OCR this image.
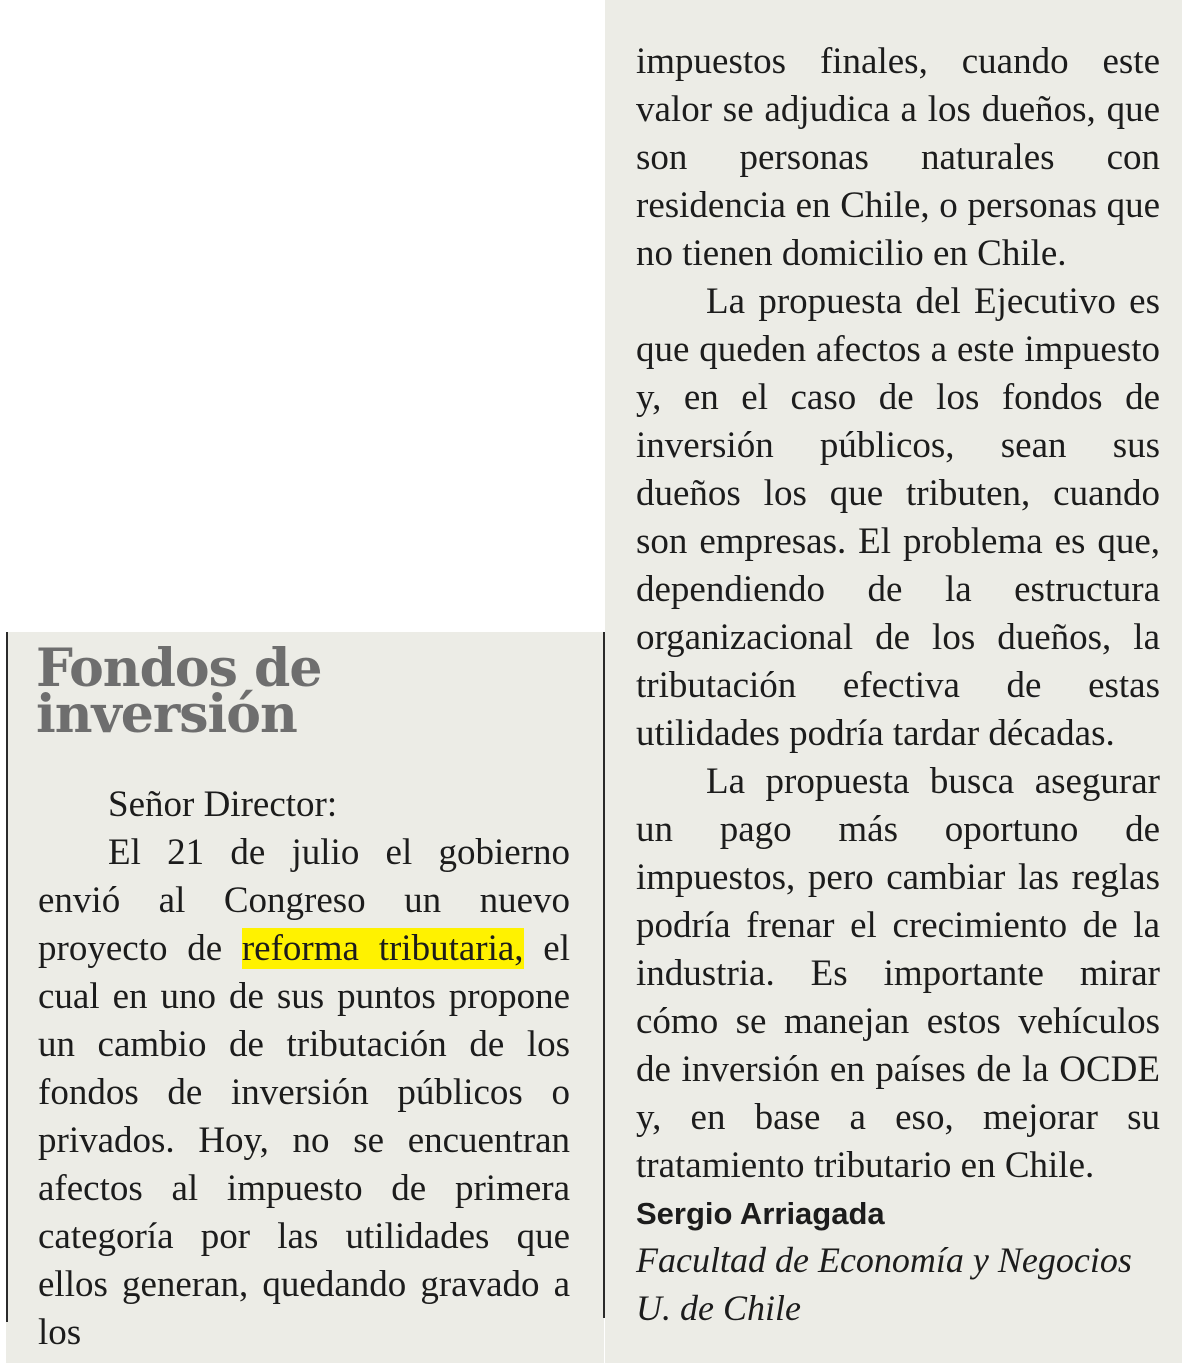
Fondos de inversión

Señor Director:

El 21 de julio el gobierno envió al Congreso un nuevo proyecto de reforma tributaria, el cual en uno de sus puntos propone un cambio de tributación de los fondos de inversión públicos o privados. Hoy, no se encuentran afectos al impuesto de primera categoría por las utilidades que ellos generan, quedando gravado a los

impuestos finales, cuando este valor se adjudica a los dueños, que son personas naturales con residencia en Chile, o personas que no tienen domicilio en Chile.

La propuesta del Ejecutivo es que queden afectos a este impuesto y, en el caso de los fondos de inversión públicos, sean sus dueños los que tributen, cuando son empresas. El problema es que, dependiendo de la estructura organizacional de los dueños, la tributación efectiva de estas utilidades podría tardar décadas.

La propuesta busca asegurar un pago más oportuno de impuestos, pero cambiar las reglas podría frenar el crecimiento de la industria. Es importante mirar cómo se manejan estos vehículos de inversión en países de la OCDE y, en base a eso, mejorar su tratamiento tributario en Chile.

Sergio Arriagada

Facultad de Economía y Negocios

U. de Chile
